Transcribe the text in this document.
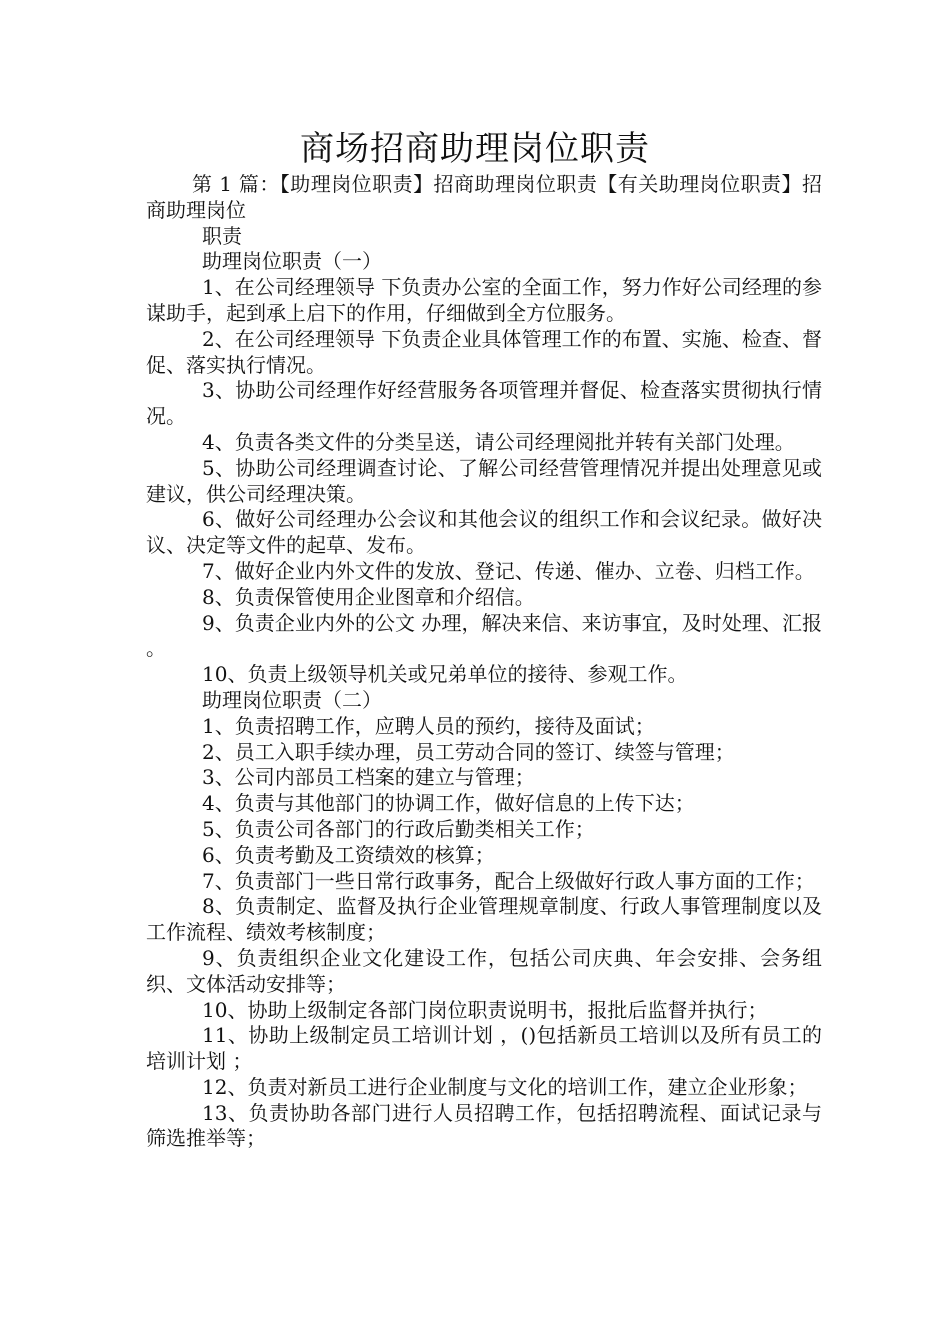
商场招商助理岗位职责

第 1 篇：【助理岗位职责】招商助理岗位职责【有关助理岗位职责】招商助理岗位

职责

助理岗位职责（一）

1、在公司经理领导 下负责办公室的全面工作，努力作好公司经理的参谋助手，起到承上启下的作用，仔细做到全方位服务。

2、在公司经理领导 下负责企业具体管理工作的布置、实施、检查、督促、落实执行情况。

3、协助公司经理作好经营服务各项管理并督促、检查落实贯彻执行情况。

4、负责各类文件的分类呈送，请公司经理阅批并转有关部门处理。

5、协助公司经理调查讨论、了解公司经营管理情况并提出处理意见或建议，供公司经理决策。

6、做好公司经理办公会议和其他会议的组织工作和会议纪录。做好决议、决定等文件的起草、发布。

7、做好企业内外文件的发放、登记、传递、催办、立卷、归档工作。

8、负责保管使用企业图章和介绍信。

9、负责企业内外的公文 办理，解决来信、来访事宜，及时处理、汇报 。

10、负责上级领导机关或兄弟单位的接待、参观工作。

助理岗位职责（二）

1、负责招聘工作，应聘人员的预约，接待及面试；

2、员工入职手续办理，员工劳动合同的签订、续签与管理；

3、公司内部员工档案的建立与管理；

4、负责与其他部门的协调工作，做好信息的上传下达；

5、负责公司各部门的行政后勤类相关工作；

6、负责考勤及工资绩效的核算；

7、负责部门一些日常行政事务，配合上级做好行政人事方面的工作；

8、负责制定、监督及执行企业管理规章制度、行政人事管理制度以及工作流程、绩效考核制度；

9、负责组织企业文化建设工作，包括公司庆典、年会安排、会务组织、文体活动安排等；

10、协助上级制定各部门岗位职责说明书，报批后监督并执行；

11、协助上级制定员工培训计划 ，()包括新员工培训以及所有员工的培训计划 ；

12、负责对新员工进行企业制度与文化的培训工作，建立企业形象；

13、负责协助各部门进行人员招聘工作，包括招聘流程、面试记录与筛选推举等；
